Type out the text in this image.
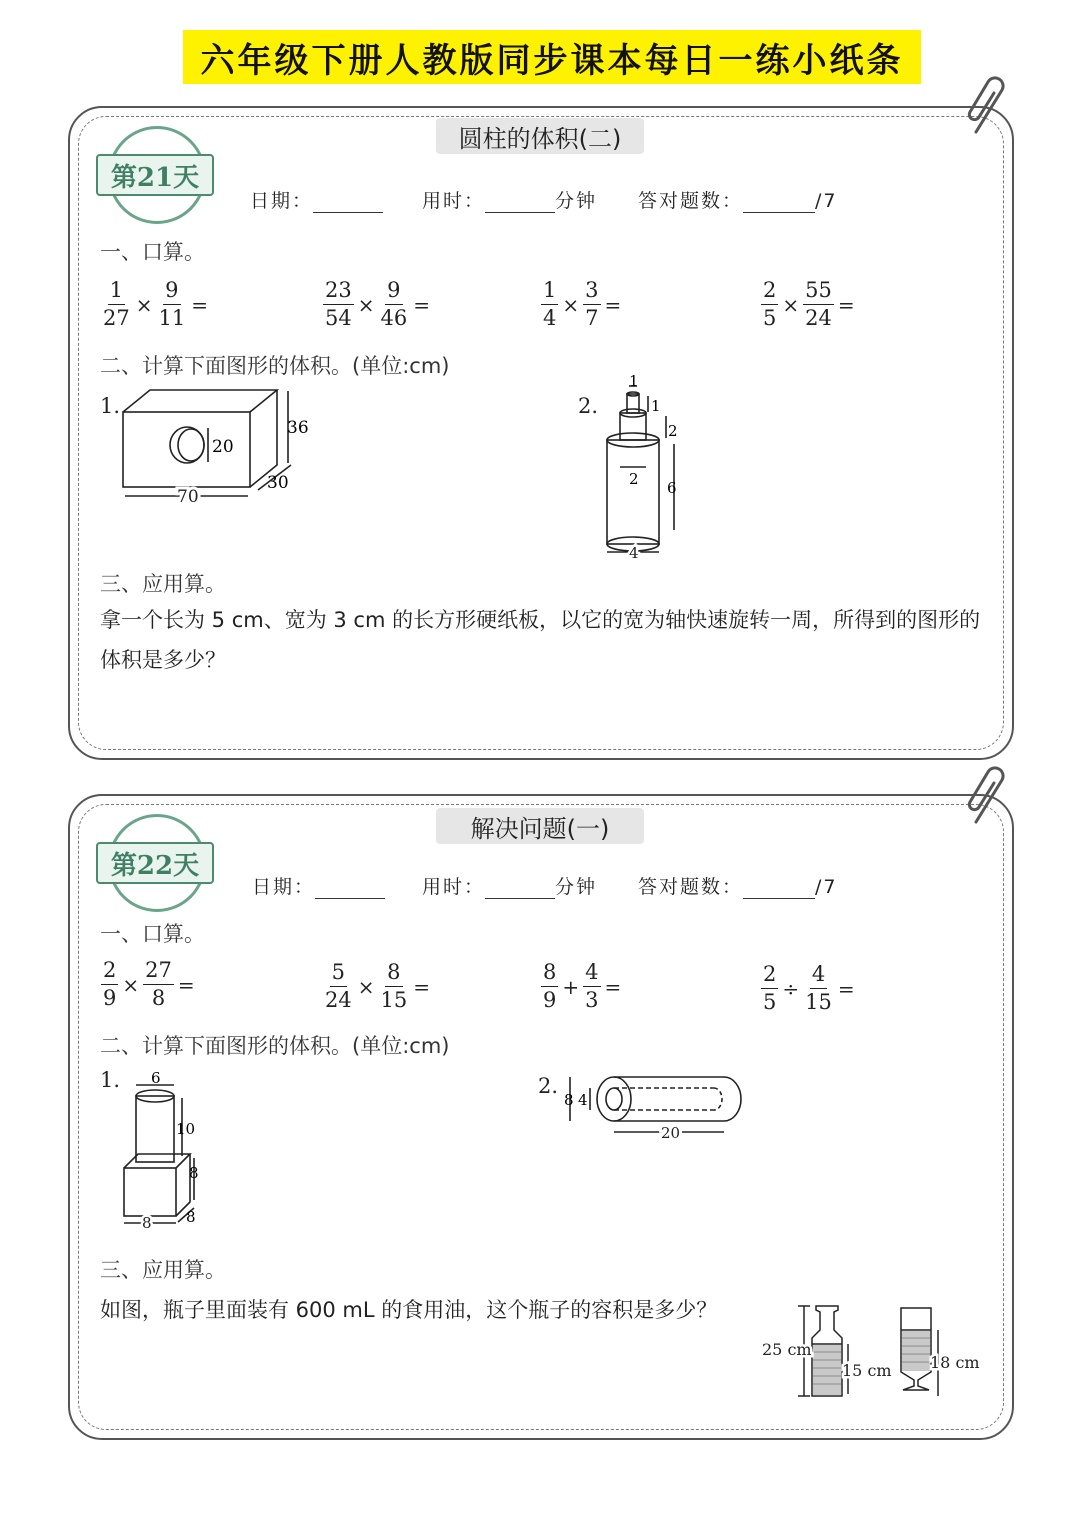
六年级下册人教版同步课本每日一练小纸条
圆柱的体积(二)
第21天
日期：	用时：	分钟 答对题数：	/7
一、口算。
$\frac{1}{27} \times \frac{9}{11}$ =	$\frac{23}{54} \times \frac{9}{46}$ =	$\frac{1}{4} \times \frac{3}{7}$ =	$\frac{2}{5} \times \frac{55}{24}$ =
二、计算下面图形的体积。(单位:cm)
1.
36
20
70
30
2.
1
1
2
2 6
4
三、应用算。
拿一个长为 5 cm、宽为 3 cm 的长方形硬纸板，以它的宽为轴快速旋转一周，所得到的图形的体积是多少？
解决问题(一)
第22天
日期：	用时：	分钟 答对题数：	/7
一、口算。
$\frac{2}{9} \times \frac{27}{8}$ =	$\frac{5}{24} \times \frac{8}{15}$ =	$\frac{8}{9} + \frac{4}{3}$ =	$\frac{2}{5} \div \frac{4}{15}$ =
二、计算下面图形的体积。(单位:cm)
1. 6
10
8
8 8
2.
8 4
20
三、应用算。
如图，瓶子里面装有 600 mL 的食用油，这个瓶子的容积是多少？
25 cm
15 cm 18 cm
